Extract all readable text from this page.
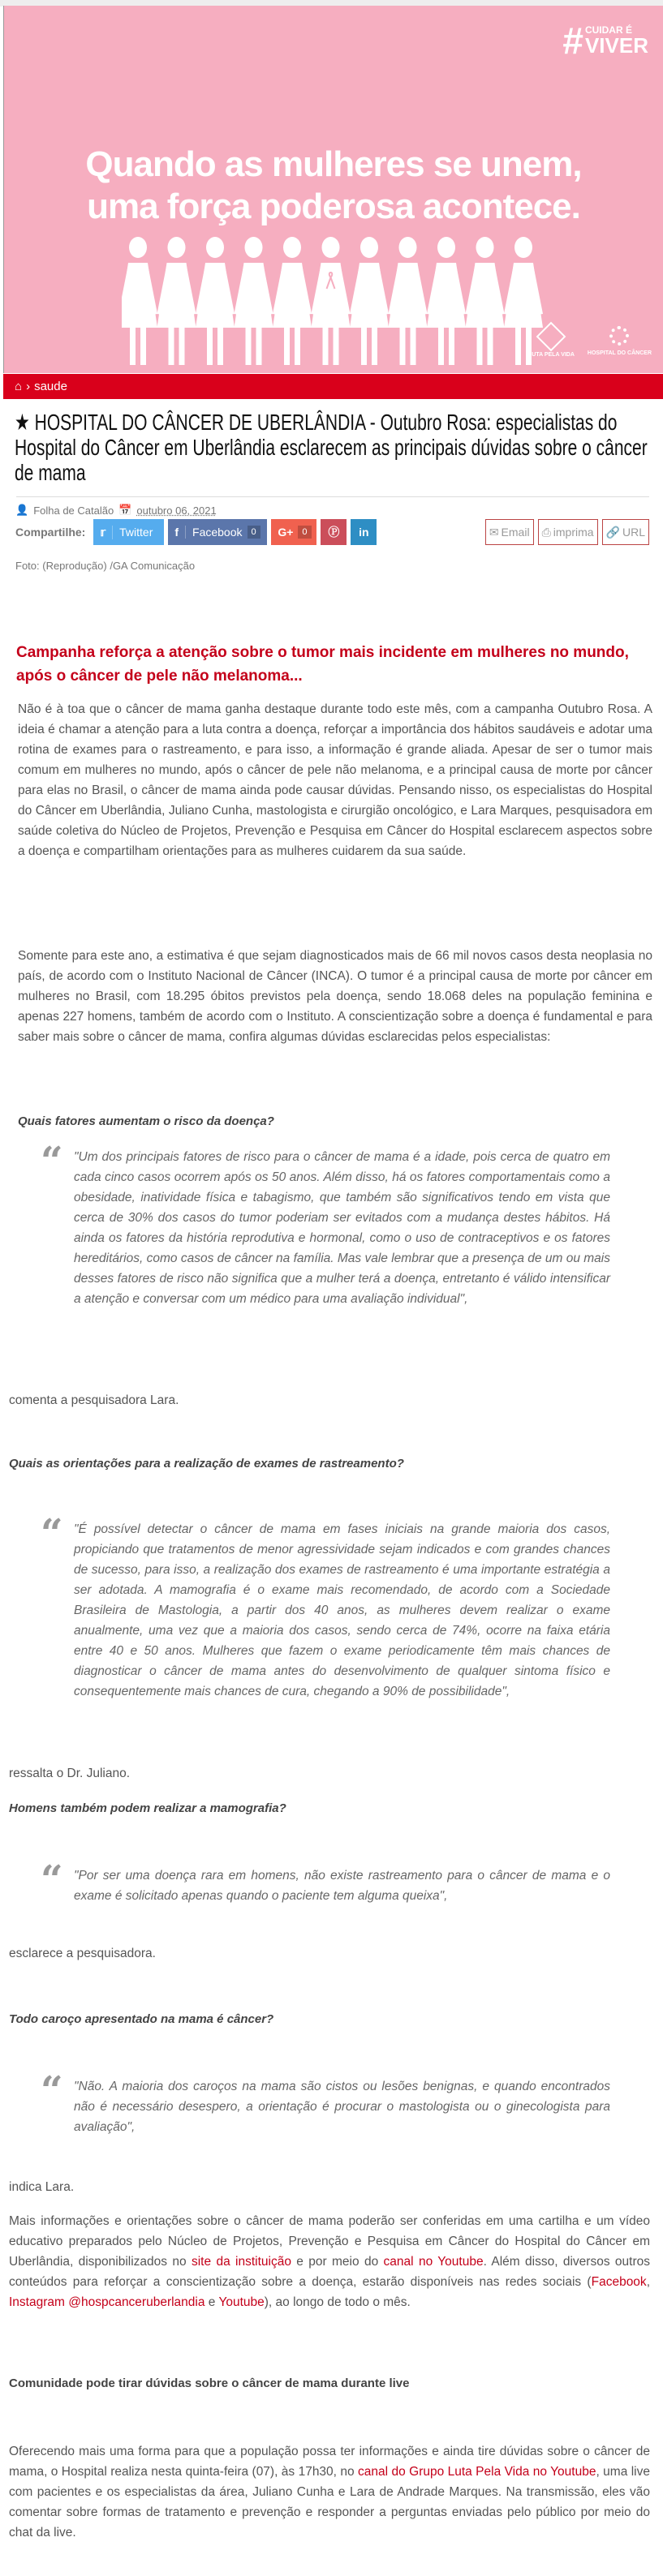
# CUIDAR É
VIVER
Quando as mulheres se unem,
uma força poderosa acontece.
LUTA PELA VIDA HOSPITAL DO CÂNCER
⌂ › saude
★ HOSPITAL DO CÂNCER DE UBERLÂNDIA - Outubro Rosa: especialistas do Hospital do Câncer em Uberlândia esclarecem as principais dúvidas sobre o câncer de mama
👤 Folha de Catalão 📅 outubro 06, 2021
Compartilhe: 𝕣	Twitter f	Facebook	0	G+	0	Ⓟ in	✉ Email ⎙ imprima 🔗 URL
Foto: (Reprodução) /GA Comunicação
Campanha reforça a atenção sobre o tumor mais incidente em mulheres no mundo, após o câncer de pele não melanoma...

Não é à toa que o câncer de mama ganha destaque durante todo este mês, com a campanha Outubro Rosa. A ideia é chamar a atenção para a luta contra a doença, reforçar a importância dos hábitos saudáveis e adotar uma rotina de exames para o rastreamento, e para isso, a informação é grande aliada. Apesar de ser o tumor mais comum em mulheres no mundo, após o câncer de pele não melanoma, e a principal causa de morte por câncer para elas no Brasil, o câncer de mama ainda pode causar dúvidas. Pensando nisso, os especialistas do Hospital do Câncer em Uberlândia, Juliano Cunha, mastologista e cirurgião oncológico, e Lara Marques, pesquisadora em saúde coletiva do Núcleo de Projetos, Prevenção e Pesquisa em Câncer do Hospital esclarecem aspectos sobre a doença e compartilham orientações para as mulheres cuidarem da sua saúde.

Somente para este ano, a estimativa é que sejam diagnosticados mais de 66 mil novos casos desta neoplasia no país, de acordo com o Instituto Nacional de Câncer (INCA). O tumor é a principal causa de morte por câncer em mulheres no Brasil, com 18.295 óbitos previstos pela doença, sendo 18.068 deles na população feminina e apenas 227 homens, também de acordo com o Instituto. A conscientização sobre a doença é fundamental e para saber mais sobre o câncer de mama, confira algumas dúvidas esclarecidas pelos especialistas:

Quais fatores aumentam o risco da doença?
“ "Um dos principais fatores de risco para o câncer de mama é a idade, pois cerca de quatro em cada cinco casos ocorrem após os 50 anos. Além disso, há os fatores comportamentais como a obesidade, inatividade física e tabagismo, que também são significativos tendo em vista que cerca de 30% dos casos do tumor poderiam ser evitados com a mudança destes hábitos. Há ainda os fatores da história reprodutiva e hormonal, como o uso de contraceptivos e os fatores hereditários, como casos de câncer na família. Mas vale lembrar que a presença de um ou mais desses fatores de risco não significa que a mulher terá a doença, entretanto é válido intensificar a atenção e conversar com um médico para uma avaliação individual",
comenta a pesquisadora Lara.
Quais as orientações para a realização de exames de rastreamento?
“ "É possível detectar o câncer de mama em fases iniciais na grande maioria dos casos, propiciando que tratamentos de menor agressividade sejam indicados e com grandes chances de sucesso, para isso, a realização dos exames de rastreamento é uma importante estratégia a ser adotada. A mamografia é o exame mais recomendado, de acordo com a Sociedade Brasileira de Mastologia, a partir dos 40 anos, as mulheres devem realizar o exame anualmente, uma vez que a maioria dos casos, sendo cerca de 74%, ocorre na faixa etária entre 40 e 50 anos. Mulheres que fazem o exame periodicamente têm mais chances de diagnosticar o câncer de mama antes do desenvolvimento de qualquer sintoma físico e consequentemente mais chances de cura, chegando a 90% de possibilidade",
ressalta o Dr. Juliano.
Homens também podem realizar a mamografia?
“ "Por ser uma doença rara em homens, não existe rastreamento para o câncer de mama e o exame é solicitado apenas quando o paciente tem alguma queixa",
esclarece a pesquisadora.
Todo caroço apresentado na mama é câncer?
“ "Não. A maioria dos caroços na mama são cistos ou lesões benignas, e quando encontrados não é necessário desespero, a orientação é procurar o mastologista ou o ginecologista para avaliação",
indica Lara.

Mais informações e orientações sobre o câncer de mama poderão ser conferidas em uma cartilha e um vídeo educativo preparados pelo Núcleo de Projetos, Prevenção e Pesquisa em Câncer do Hospital do Câncer em Uberlândia, disponibilizados no site da instituição e por meio do canal no Youtube. Além disso, diversos outros conteúdos para reforçar a conscientização sobre a doença, estarão disponíveis nas redes sociais (Facebook, Instagram @hospcanceruberlandia e Youtube), ao longo de todo o mês.

Comunidade pode tirar dúvidas sobre o câncer de mama durante live

Oferecendo mais uma forma para que a população possa ter informações e ainda tire dúvidas sobre o câncer de mama, o Hospital realiza nesta quinta-feira (07), às 17h30, no canal do Grupo Luta Pela Vida no Youtube, uma live com pacientes e os especialistas da área, Juliano Cunha e Lara de Andrade Marques. Na transmissão, eles vão comentar sobre formas de tratamento e prevenção e responder a perguntas enviadas pelo público por meio do chat da live.
